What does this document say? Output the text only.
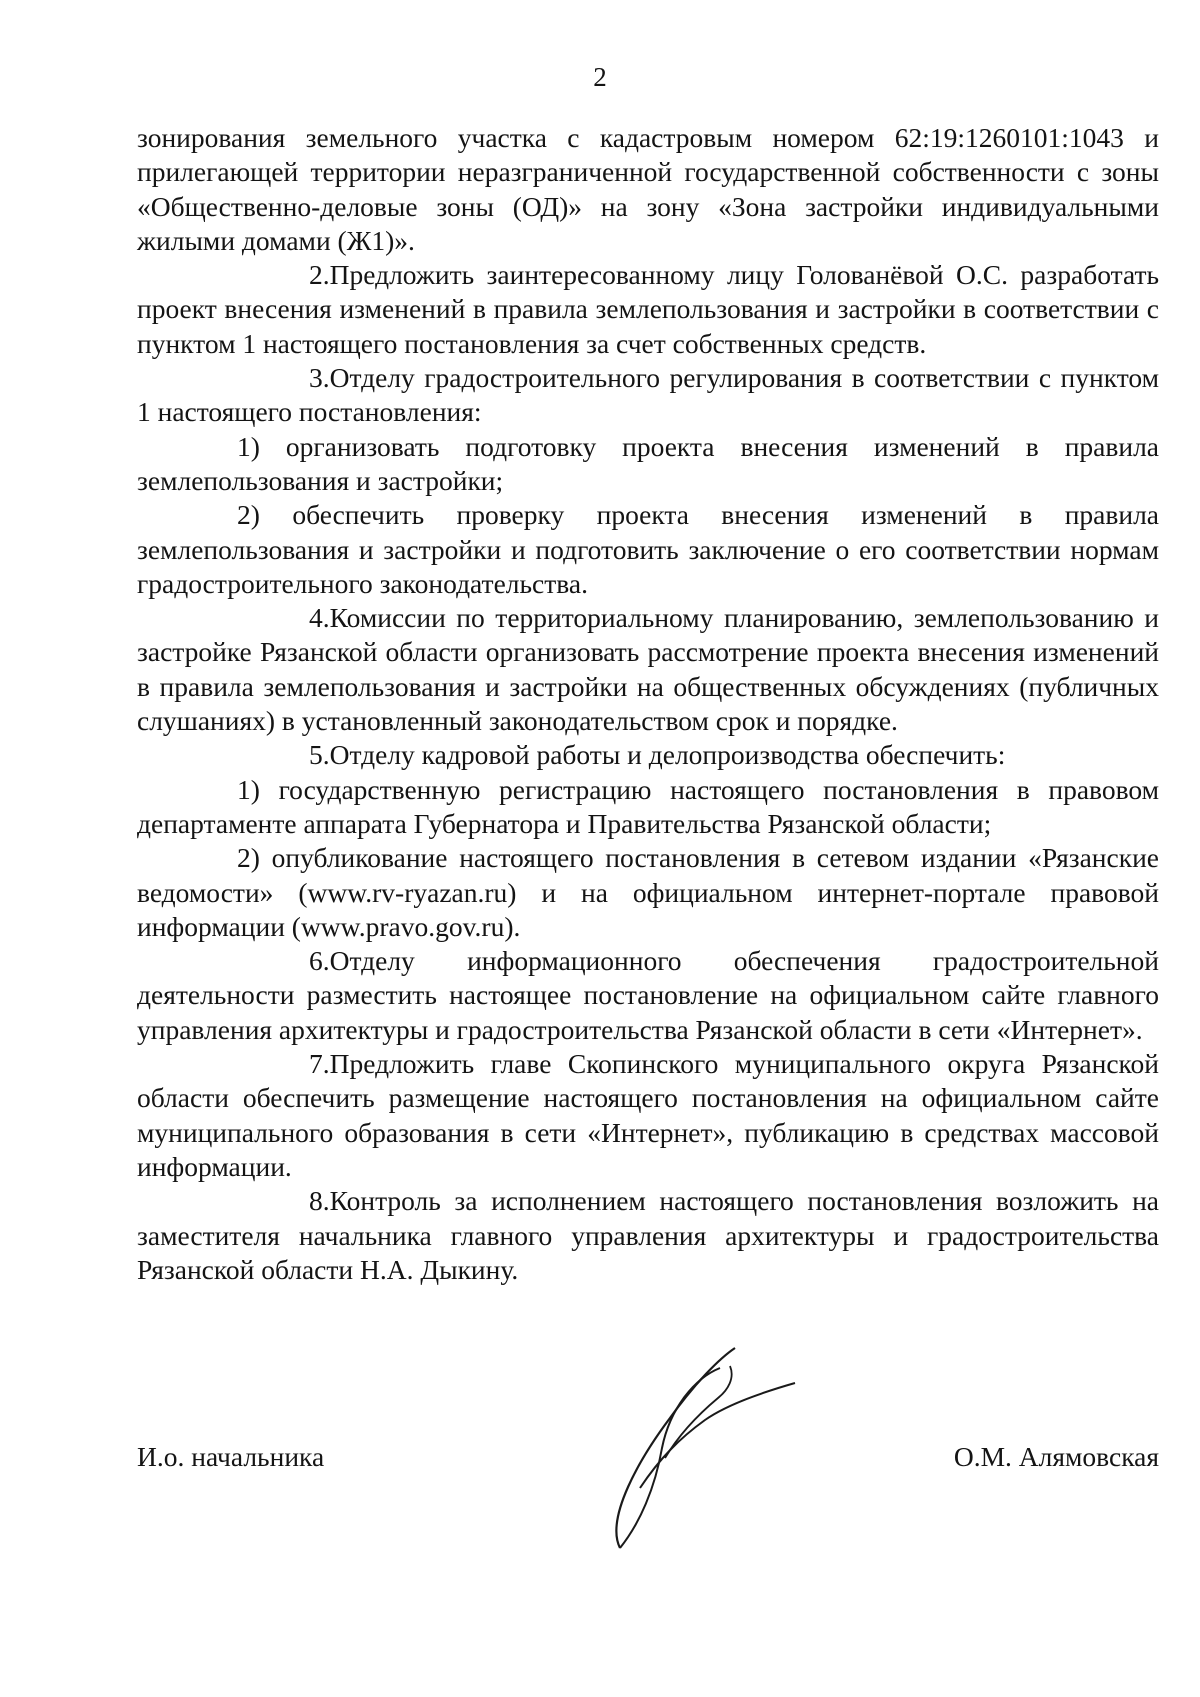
2

зонирования земельного участка с кадастровым номером 62:19:1260101:1043 и прилегающей территории неразграниченной государственной собственности с зоны «Общественно-деловые зоны (ОД)» на зону «Зона застройки индивидуальными жилыми домами (Ж1)».

2.Предложить заинтересованному лицу Голованёвой О.С. разработать проект внесения изменений в правила землепользования и застройки в соответствии с пунктом 1 настоящего постановления за счет собственных средств.

3.Отделу градостроительного регулирования в соответствии с пунктом 1 настоящего постановления:

1) организовать подготовку проекта внесения изменений в правила землепользования и застройки;

2) обеспечить проверку проекта внесения изменений в правила землепользования и застройки и подготовить заключение о его соответствии нормам градостроительного законодательства.

4.Комиссии по территориальному планированию, землепользованию и застройке Рязанской области организовать рассмотрение проекта внесения изменений в правила землепользования и застройки на общественных обсуждениях (публичных слушаниях) в установленный законодательством срок и порядке.

5.Отделу кадровой работы и делопроизводства обеспечить:

1) государственную регистрацию настоящего постановления в правовом департаменте аппарата Губернатора и Правительства Рязанской области;

2) опубликование настоящего постановления в сетевом издании «Рязанские ведомости» (www.rv-ryazan.ru) и на официальном интернет-портале правовой информации (www.pravo.gov.ru).

6.Отделу информационного обеспечения градостроительной деятельности разместить настоящее постановление на официальном сайте главного управления архитектуры и градостроительства Рязанской области в сети «Интернет».

7.Предложить главе Скопинского муниципального округа Рязанской области обеспечить размещение настоящего постановления на официальном сайте муниципального образования в сети «Интернет», публикацию в средствах массовой информации.

8.Контроль за исполнением настоящего постановления возложить на заместителя начальника главного управления архитектуры и градостроительства Рязанской области Н.А. Дыкину.

И.о. начальника	О.М. Алямовская
